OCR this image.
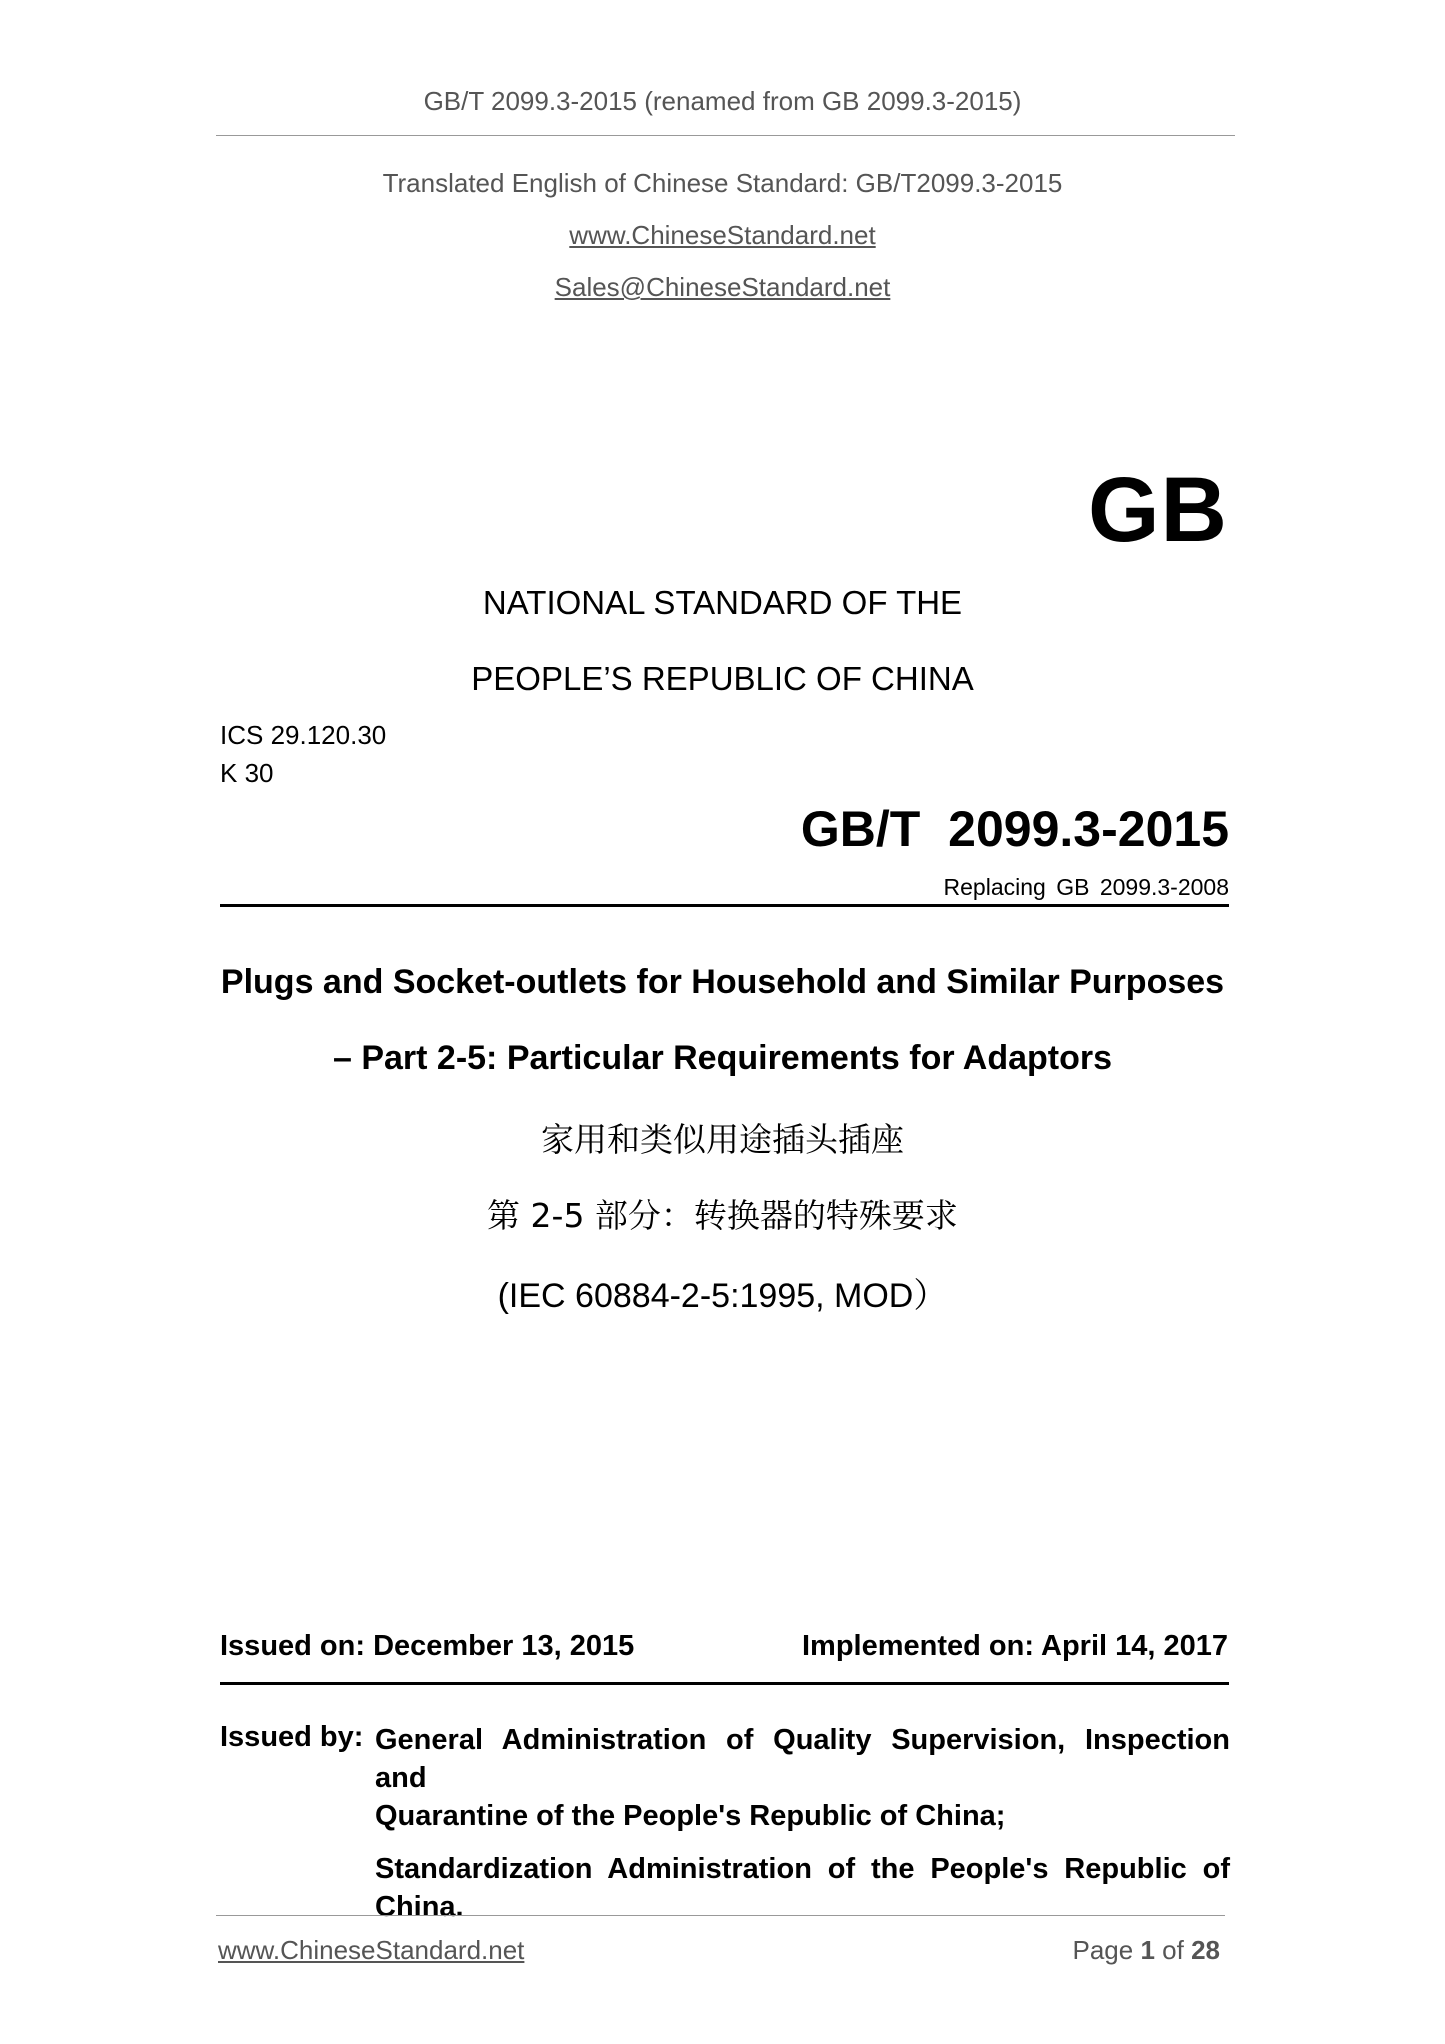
GB/T 2099.3-2015 (renamed from GB 2099.3-2015)
Translated English of Chinese Standard: GB/T2099.3-2015
www.ChineseStandard.net
Sales@ChineseStandard.net
GB
NATIONAL STANDARD OF THE
PEOPLE’S REPUBLIC OF CHINA
ICS 29.120.30
K 30
GB/T 2099.3-2015
Replacing GB 2099.3-2008
Plugs and Socket-outlets for Household and Similar Purposes
– Part 2-5: Particular Requirements for Adaptors
家用和类似用途插头插座
第 2-5 部分：转换器的特殊要求
(IEC 60884-2-5:1995, MOD）
Issued on: December 13, 2015	Implemented on: April 14, 2017
Issued by: General Administration of Quality Supervision, Inspection and
Quarantine of the People's Republic of China;
Standardization Administration of the People's Republic of
China.
www.ChineseStandard.net	Page 1 of 28
